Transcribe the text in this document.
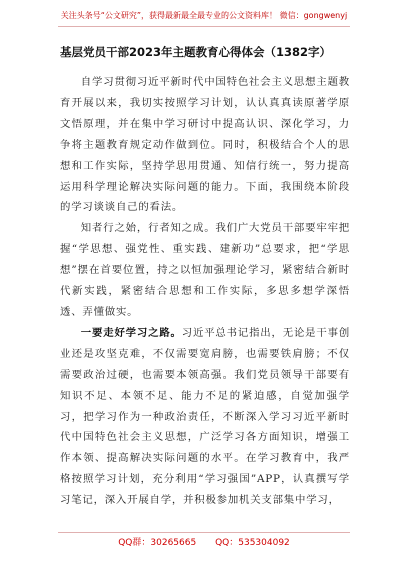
关注头条号“公文研究”，获得最新最全最专业的公文资料库！ 微信：gongwenyj
基层党员干部2023年主题教育心得体会（1382字）

自学习贯彻习近平新时代中国特色社会主义思想主题教育开展以来，我切实按照学习计划，认认真真读原著学原文悟原理，并在集中学习研讨中提高认识、深化学习，力争将主题教育规定动作做到位。同时，积极结合个人的思想和工作实际，坚持学思用贯通、知信行统一，努力提高运用科学理论解决实际问题的能力。下面，我围绕本阶段的学习谈谈自己的看法。

知者行之始，行者知之成。我们广大党员干部要牢牢把握“学思想、强党性、重实践、建新功”总要求，把“学思想”摆在首要位置，持之以恒加强理论学习，紧密结合新时代新实践，紧密结合思想和工作实际，多思多想学深悟透、弄懂做实。

一要走好学习之路。习近平总书记指出，无论是干事创业还是攻坚克难，不仅需要宽肩膀，也需要铁肩膀；不仅需要政治过硬，也需要本领高强。我们党员领导干部要有知识不足、本领不足、能力不足的紧迫感，自觉加强学习，把学习作为一种政治责任，不断深入学习习近平新时代中国特色社会主义思想，广泛学习各方面知识，增强工作本领、提高解决实际问题的水平。在学习教育中，我严格按照学习计划，充分利用“学习强国”APP，认真撰写学习笔记，深入开展自学，并积极参加机关支部集中学习，

QQ群：30265665 QQ：535304092
